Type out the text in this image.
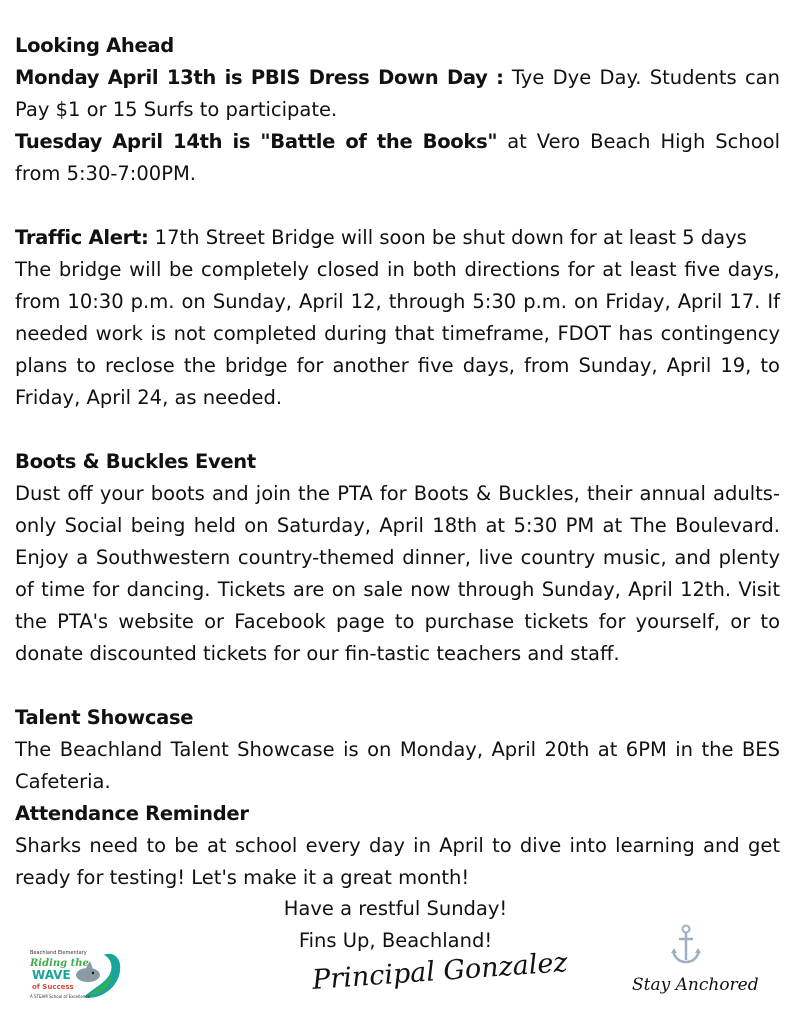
Looking Ahead
Monday April 13th is PBIS Dress Down Day : Tye Dye Day. Students can Pay $1 or 15 Surfs to participate.
Tuesday April 14th is "Battle of the Books" at Vero Beach High School from 5:30-7:00PM.

Traffic Alert: 17th Street Bridge will soon be shut down for at least 5 days
The bridge will be completely closed in both directions for at least five days, from 10:30 p.m. on Sunday, April 12, through 5:30 p.m. on Friday, April 17. If needed work is not completed during that timeframe, FDOT has contingency plans to reclose the bridge for another five days, from Sunday, April 19, to Friday, April 24, as needed.

Boots & Buckles Event
Dust off your boots and join the PTA for Boots & Buckles, their annual adults-only Social being held on Saturday, April 18th at 5:30 PM at The Boulevard. Enjoy a Southwestern country-themed dinner, live country music, and plenty of time for dancing. Tickets are on sale now through Sunday, April 12th. Visit the PTA's website or Facebook page to purchase tickets for yourself, or to donate discounted tickets for our fin-tastic teachers and staff.

Talent Showcase
The Beachland Talent Showcase is on Monday, April 20th at 6PM in the BES Cafeteria.
Attendance Reminder
Sharks need to be at school every day in April to dive into learning and get ready for testing! Let's make it a great month!

Have a restful Sunday!
Fins Up, Beachland!
Principal Gonzalez	Stay Anchored
Beachland Elementary
Riding the
WAVE
of Success
A STEAM School of Excellence
